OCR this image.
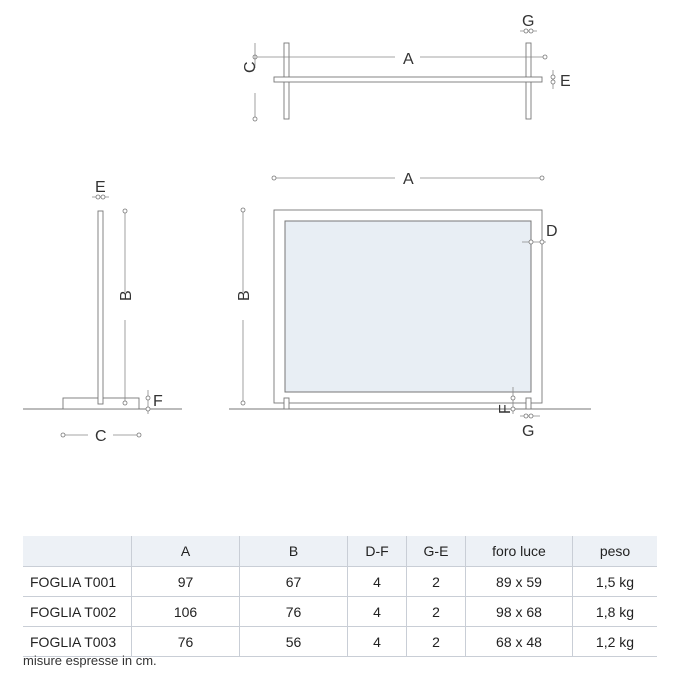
A
C
G
E
E
B
F
C
A
B
D
F
G
	A	B	D-F	G-E	foro luce	peso
FOGLIA T001	97	67	4	2	89 x 59	1,5 kg
FOGLIA T002	106	76	4	2	98 x 68	1,8 kg
FOGLIA T003	76	56	4	2	68 x 48	1,2 kg
misure espresse in cm.
